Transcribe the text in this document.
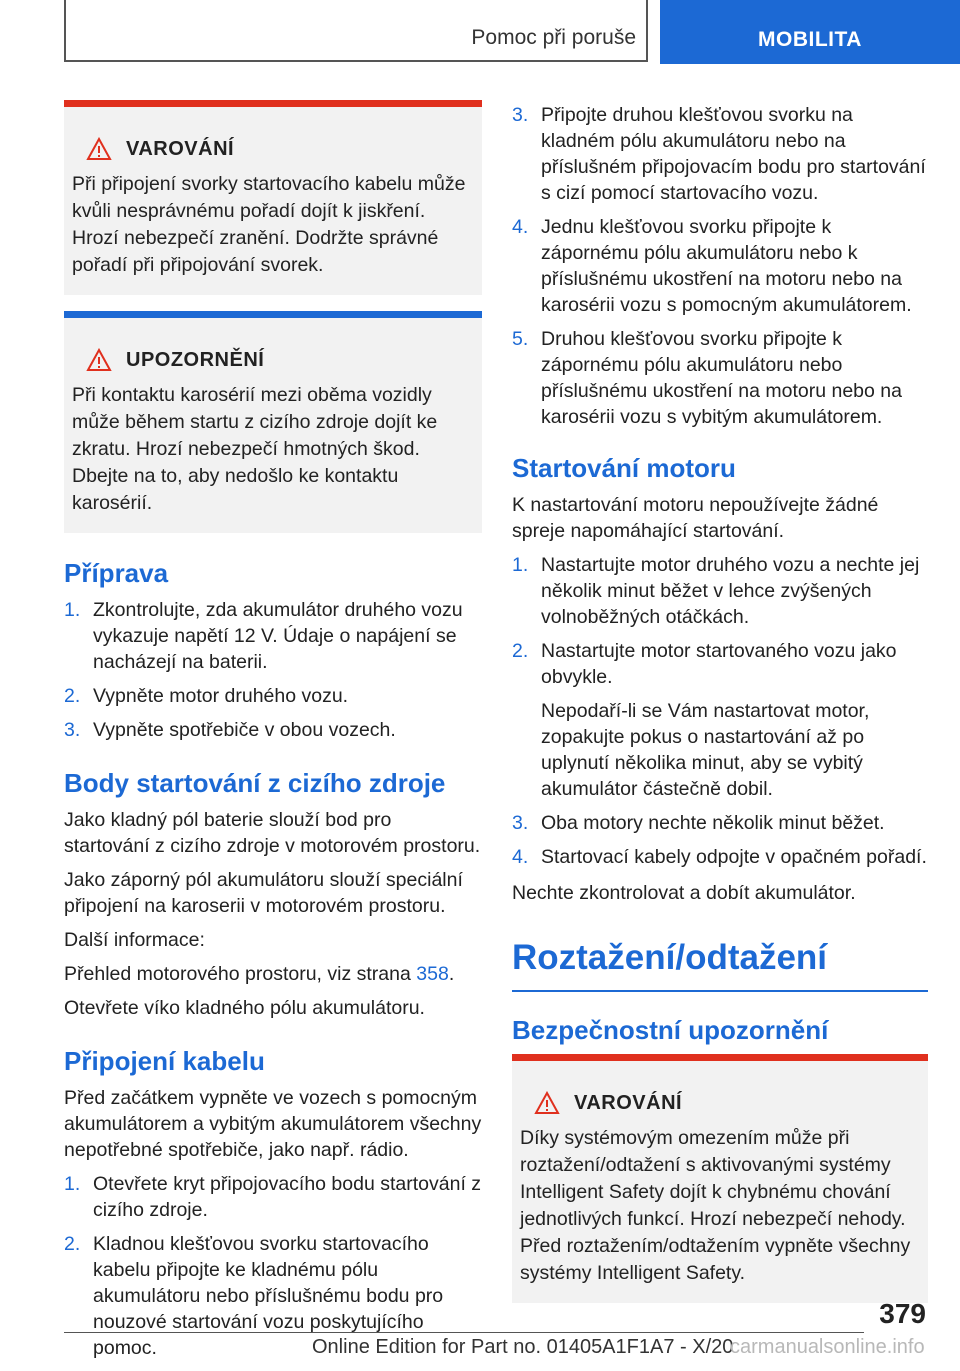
Pomoc při poruše	MOBILITA
VAROVÁNÍ

Při připojení svorky startovacího kabelu může kvůli nesprávnému pořadí dojít k jiskření. Hrozí nebezpečí zranění. Dodržte správné pořadí při připojování svorek.

UPOZORNĚNÍ

Při kontaktu karosérií mezi oběma vozidly může během startu z cizího zdroje dojít ke zkratu. Hrozí nebezpečí hmotných škod. Dbejte na to, aby nedošlo ke kontaktu karosérií.

Příprava
1. Zkontrolujte, zda akumulátor druhého vozu vykazuje napětí 12 V. Údaje o napájení se nacházejí na baterii.
2. Vypněte motor druhého vozu.
3. Vypněte spotřebiče v obou vozech.
Body startování z cizího zdroje

Jako kladný pól baterie slouží bod pro startování z cizího zdroje v motorovém prostoru.

Jako záporný pól akumulátoru slouží speciální připojení na karoserii v motorovém prostoru.

Další informace:

Přehled motorového prostoru, viz strana 358.

Otevřete víko kladného pólu akumulátoru.

Připojení kabelu

Před začátkem vypněte ve vozech s pomocným akumulátorem a vybitým akumulátorem všechny nepotřebné spotřebiče, jako např. rádio.

1. Otevřete kryt připojovacího bodu startování z cizího zdroje.
2. Kladnou klešťovou svorku startovacího kabelu připojte ke kladnému pólu akumulátoru nebo příslušnému bodu pro nouzové startování vozu poskytujícího pomoc.
3. Připojte druhou klešťovou svorku na kladném pólu akumulátoru nebo na příslušném připojovacím bodu pro startování s cizí pomocí startovacího vozu.
4. Jednu klešťovou svorku připojte k zápornému pólu akumulátoru nebo k příslušnému ukostření na motoru nebo na karosérii vozu s pomocným akumulátorem.
5. Druhou klešťovou svorku připojte k zápornému pólu akumulátoru nebo příslušnému ukostření na motoru nebo na karosérii vozu s vybitým akumulátorem.
Startování motoru

K nastartování motoru nepoužívejte žádné spreje napomáhající startování.

1. Nastartujte motor druhého vozu a nechte jej několik minut běžet v lehce zvýšených volnoběžných otáčkách.
2. Nastartujte motor startovaného vozu jako obvykle.
Nepodaří-li se Vám nastartovat motor, zopakujte pokus o nastartování až po uplynutí několika minut, aby se vybitý akumulátor částečně dobil.
3. Oba motory nechte několik minut běžet.
4. Startovací kabely odpojte v opačném pořadí.

Nechte zkontrolovat a dobít akumulátor.

Roztažení/odtažení
Bezpečnostní upozornění
VAROVÁNÍ

Díky systémovým omezením může při roztažení/odtažení s aktivovanými systémy Intelligent Safety dojít k chybnému chování jednotlivých funkcí. Hrozí nebezpečí nehody. Před roztažením/odtažením vypněte všechny systémy Intelligent Safety.

379
Online Edition for Part no. 01405A1F1A7 - X/20
carmanualsonline.info
